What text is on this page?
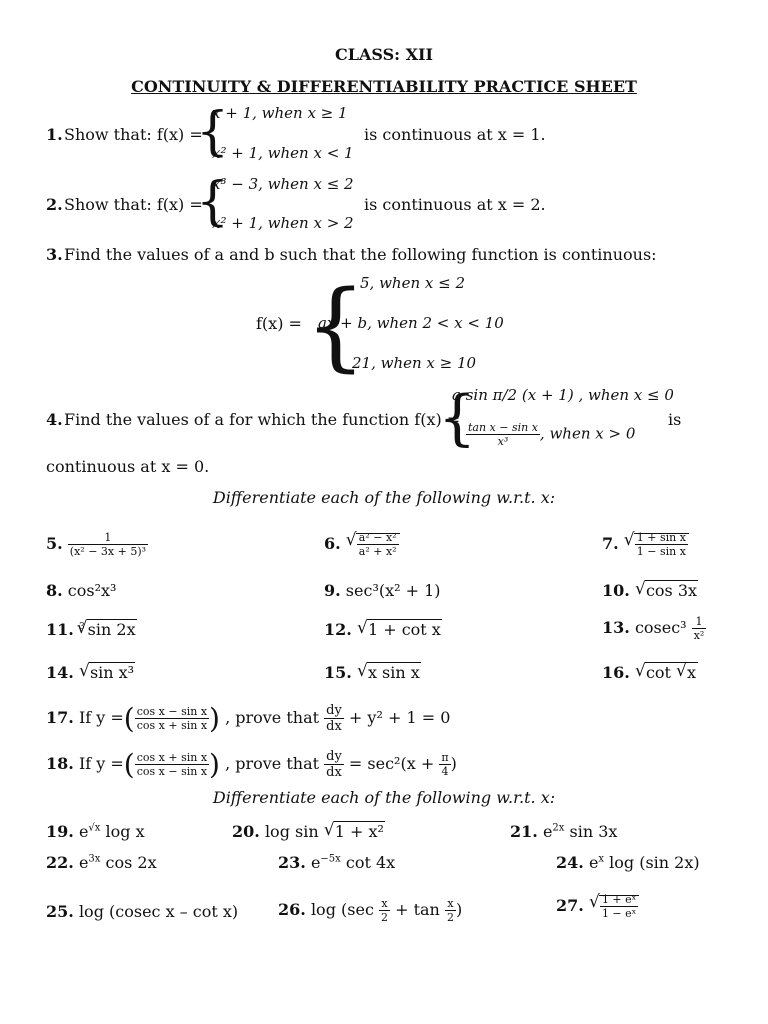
CLASS: XII
CONTINUITY & DIFFERENTIABILITY PRACTICE SHEET
1. Show that: f(x) =
{
x + 1, when x ≥ 1
x² + 1, when x < 1
is continuous at x = 1.
2. Show that: f(x) =
{
x³ − 3, when x ≤ 2
x² + 1, when x > 2
is continuous at x = 2.
3. Find the values of a and b such that the following function is continuous:
f(x) = {
5, when x ≤ 2
ax + b, when 2 < x < 10
21, when x ≥ 10
4. Find the values of a for which the function f(x) =
{
a sin π/2 (x + 1) , when x ≤ 0
$\frac{\text{tan x − sin x}}{\text{x³}}$ , when x > 0
is
continuous at x = 0.
Differentiate each of the following w.r.t. x:
5. $\frac{1}{\text{(x² − 3x + 5)³}}$	6. √ $\frac{\text{a² − x²}}{\text{a² + x²}}$	7. √ $\frac{\text{1 + sin x}}{\text{1 − sin x}}$
8. cos²x³	9. sec³(x² + 1)	10. √ cos 3x
11. $^3$ √ sin 2x	12. √ 1 + cot x	13. $cosec^3 \frac{1}{\text{x²}}$
14. √ sin x³	15. √ x sin x	16. √ cot √ x
17. If y =( $\frac{\text{cos x − sin x}}{\text{cos x + sin x}}$ ) , prove that $\frac{dy}{dx} + y^2 + 1 = 0$
18. If y =( $\frac{\text{cos x + sin x}}{\text{cos x − sin x}}$ ) , prove that $\frac{dy}{dx} = \sec^2(x + \frac{\pi}{4}$ )
Differentiate each of the following w.r.t. x:
19. $e^{√x}$ log x	20. log sin √ 1 + x²	21. $e^{2x}$ sin 3x
22. $e^{3x}$ cos 2x	23. $e^{-5x}$ cot 4x	24. $e^x$ log (sin 2x)
25. log (cosec x – cot x) 26. $\log (\sec \frac{x}{2} + \tan \frac{x}{2}$ )	27. √ $\frac{\text{1 + eˣ}}{\text{1 − eˣ}}$
